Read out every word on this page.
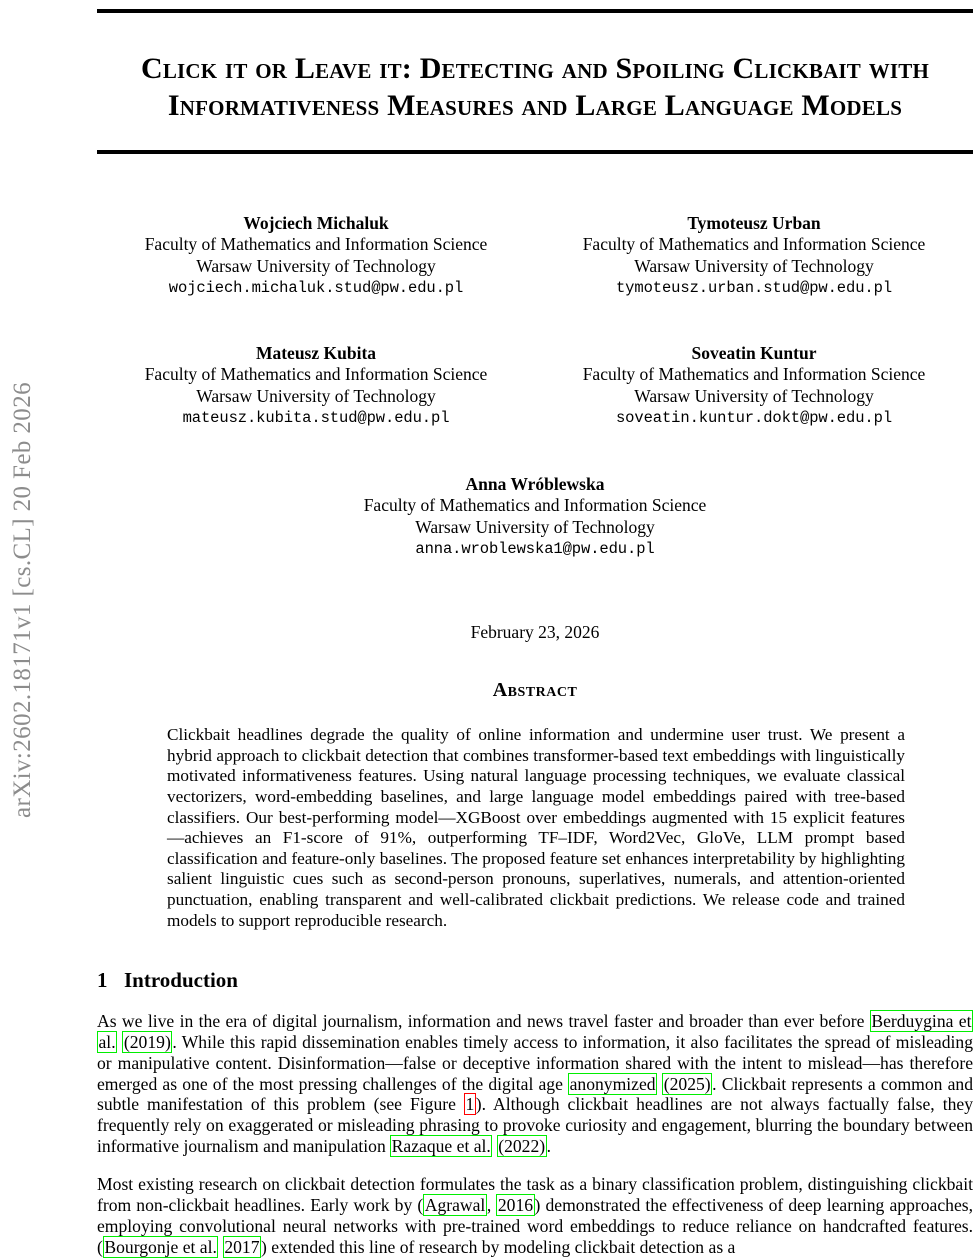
arXiv:2602.18171v1 [cs.CL] 20 Feb 2026
Click it or Leave it: Detecting and Spoiling Clickbait with Informativeness Measures and Large Language Models
Wojciech Michaluk
Faculty of Mathematics and Information Science
Warsaw University of Technology
wojciech.michaluk.stud@pw.edu.pl
Tymoteusz Urban
Faculty of Mathematics and Information Science
Warsaw University of Technology
tymoteusz.urban.stud@pw.edu.pl
Mateusz Kubita
Faculty of Mathematics and Information Science
Warsaw University of Technology
mateusz.kubita.stud@pw.edu.pl
Soveatin Kuntur
Faculty of Mathematics and Information Science
Warsaw University of Technology
soveatin.kuntur.dokt@pw.edu.pl
Anna Wróblewska
Faculty of Mathematics and Information Science
Warsaw University of Technology
anna.wroblewska1@pw.edu.pl
February 23, 2026
Abstract
Clickbait headlines degrade the quality of online information and undermine user trust. We present a hybrid approach to clickbait detection that combines transformer-based text embeddings with linguistically motivated informativeness features. Using natural language processing techniques, we evaluate classical vectorizers, word-embedding baselines, and large language model embeddings paired with tree-based classifiers. Our best-performing model—XGBoost over embeddings augmented with 15 explicit features—achieves an F1-score of 91%, outperforming TF–IDF, Word2Vec, GloVe, LLM prompt based classification and feature-only baselines. The proposed feature set enhances interpretability by highlighting salient linguistic cues such as second-person pronouns, superlatives, numerals, and attention-oriented punctuation, enabling transparent and well-calibrated clickbait predictions. We release code and trained models to support reproducible research.
1 Introduction

As we live in the era of digital journalism, information and news travel faster and broader than ever before Berduygina et al. (2019). While this rapid dissemination enables timely access to information, it also facilitates the spread of misleading or manipulative content. Disinformation—false or deceptive information shared with the intent to mislead—has therefore emerged as one of the most pressing challenges of the digital age anonymized (2025). Clickbait represents a common and subtle manifestation of this problem (see Figure 1). Although clickbait headlines are not always factually false, they frequently rely on exaggerated or misleading phrasing to provoke curiosity and engagement, blurring the boundary between informative journalism and manipulation Razaque et al. (2022).

Most existing research on clickbait detection formulates the task as a binary classification problem, distinguishing clickbait from non-clickbait headlines. Early work by (Agrawal, 2016) demonstrated the effectiveness of deep learning approaches, employing convolutional neural networks with pre-trained word embeddings to reduce reliance on handcrafted features. (Bourgonje et al. 2017) extended this line of research by modeling clickbait detection as a
